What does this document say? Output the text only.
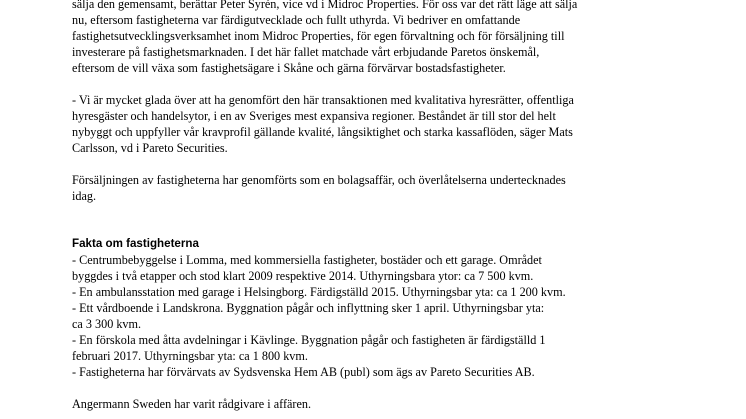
sälja den gemensamt, berättar Peter Syrén, vice vd i Midroc Properties. För oss var det rätt läge att sälja
nu, eftersom fastigheterna var färdigutvecklade och fullt uthyrda. Vi bedriver en omfattande
fastighetsutvecklingsverksamhet inom Midroc Properties, för egen förvaltning och för försäljning till
investerare på fastighetsmarknaden. I det här fallet matchade vårt erbjudande Paretos önskemål,
eftersom de vill växa som fastighetsägare i Skåne och gärna förvärvar bostadsfastigheter.
- Vi är mycket glada över att ha genomfört den här transaktionen med kvalitativa hyresrätter, offentliga
hyresgäster och handelsytor, i en av Sveriges mest expansiva regioner. Beståndet är till stor del helt
nybyggt och uppfyller vår kravprofil gällande kvalité, långsiktighet och starka kassaflöden, säger Mats
Carlsson, vd i Pareto Securities.
Försäljningen av fastigheterna har genomförts som en bolagsaffär, och överlåtelserna undertecknades
idag.
Fakta om fastigheterna
- Centrumbebyggelse i Lomma, med kommersiella fastigheter, bostäder och ett garage. Området
byggdes i två etapper och stod klart 2009 respektive 2014. Uthyrningsbara ytor: ca 7 500 kvm.
- En ambulansstation med garage i Helsingborg. Färdigställd 2015. Uthyrningsbar yta: ca 1 200 kvm.
- Ett vårdboende i Landskrona. Byggnation pågår och inflyttning sker 1 april. Uthyrningsbar yta:
ca 3 300 kvm.
- En förskola med åtta avdelningar i Kävlinge. Byggnation pågår och fastigheten är färdigställd 1
februari 2017. Uthyrningsbar yta: ca 1 800 kvm.
- Fastigheterna har förvärvats av Sydsvenska Hem AB (publ) som ägs av Pareto Securities AB.
Angermann Sweden har varit rådgivare i affären.
